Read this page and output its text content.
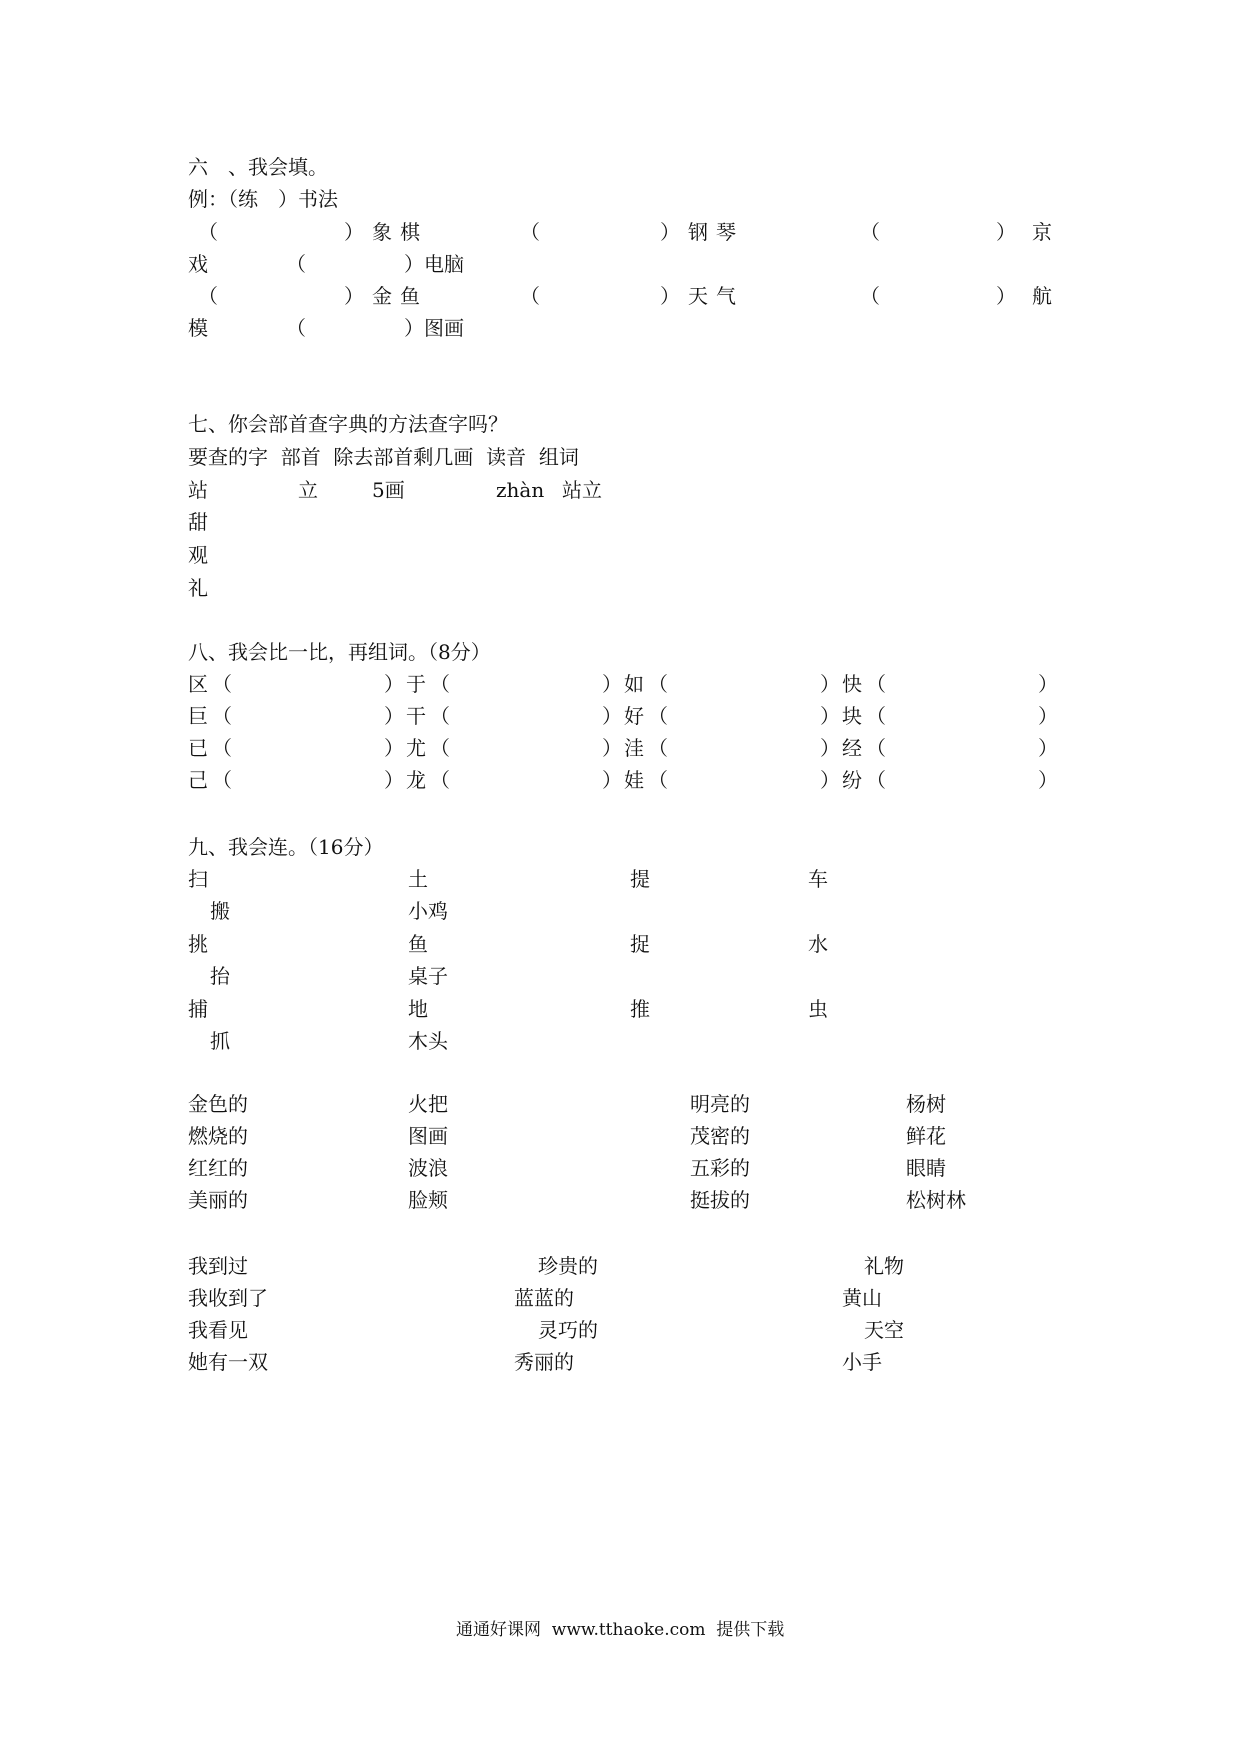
六　、我会填。
例：（练　）书法
（	）象棋	（	）钢琴	（	）京
戏	（	）电脑
（	）金鱼	（	）天气	（	）航
模	（	）图画
七、你会部首查字典的方法查字吗？
要查的字  部首  除去部首剩几画  读音  组词
站	立	5画	zhàn 站立
甜
观
礼
八、我会比一比，再组词。（8分）
区 （	） 于 （	） 如 （	） 快 （	）
巨 （	） 干 （	） 好 （	） 块 （	）
已 （	） 尤 （	） 洼 （	） 经 （	）
己 （	） 龙 （	） 娃 （	） 纷 （	）
九、我会连。（16分）
扫	土	提	车
搬	小鸡
挑	鱼	捉	水
抬	桌子
捕	地	推	虫
抓	木头
金色的	火把	明亮的	杨树
燃烧的	图画	茂密的	鲜花
红红的	波浪	五彩的	眼睛
美丽的	脸颊	挺拔的	松树林
我到过	珍贵的	礼物
我收到了	蓝蓝的	黄山
我看见	灵巧的	天空
她有一双	秀丽的	小手
通通好课网  www.tthaoke.com  提供下载
